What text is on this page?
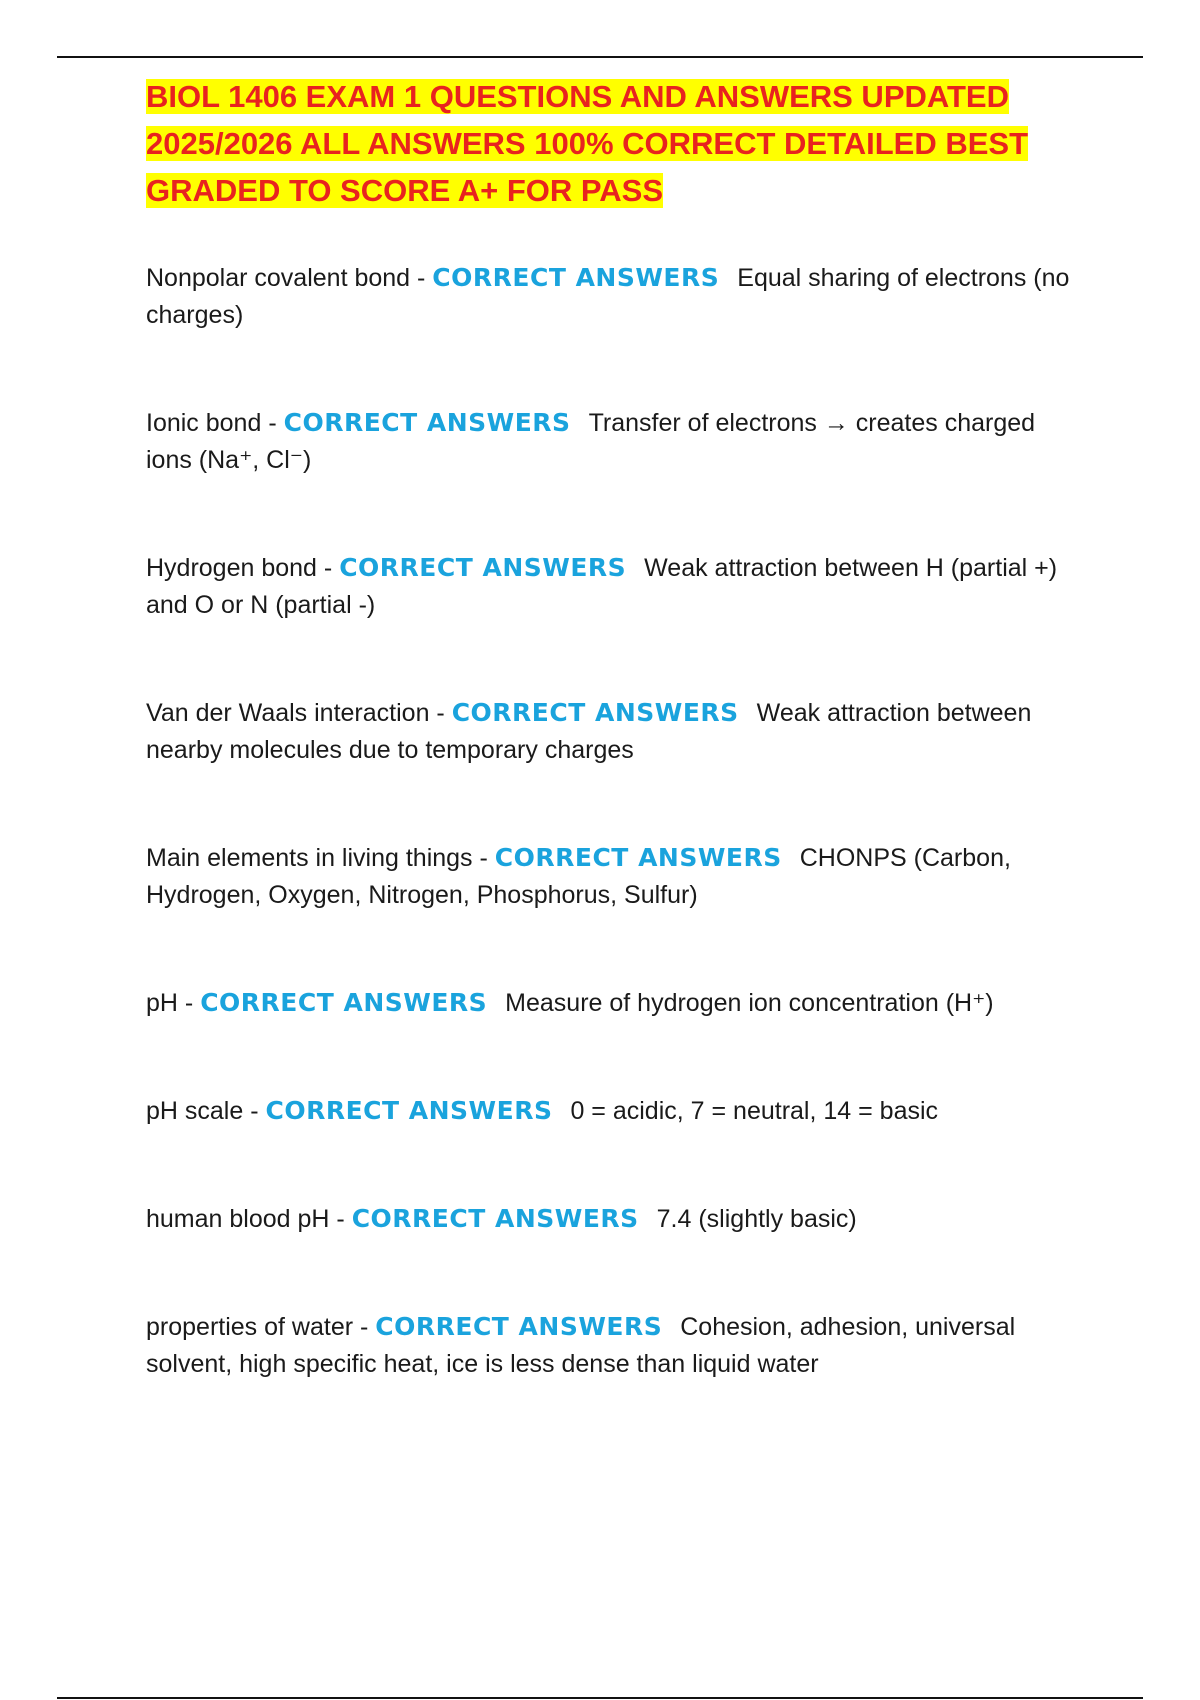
BIOL 1406 EXAM 1 QUESTIONS AND ANSWERS UPDATED 2025/2026 ALL ANSWERS 100% CORRECT DETAILED BEST GRADED TO SCORE A+ FOR PASS

Nonpolar covalent bond - CORRECT ANSWERS Equal sharing of electrons (no charges)

Ionic bond - CORRECT ANSWERS Transfer of electrons → creates charged ions (Na⁺, Cl⁻)

Hydrogen bond - CORRECT ANSWERS Weak attraction between H (partial +) and O or N (partial -)

Van der Waals interaction - CORRECT ANSWERS Weak attraction between nearby molecules due to temporary charges

Main elements in living things - CORRECT ANSWERS CHONPS (Carbon, Hydrogen, Oxygen, Nitrogen, Phosphorus, Sulfur)

pH - CORRECT ANSWERS Measure of hydrogen ion concentration (H⁺)

pH scale - CORRECT ANSWERS 0 = acidic, 7 = neutral, 14 = basic

human blood pH - CORRECT ANSWERS 7.4 (slightly basic)

properties of water - CORRECT ANSWERS Cohesion, adhesion, universal solvent, high specific heat, ice is less dense than liquid water
